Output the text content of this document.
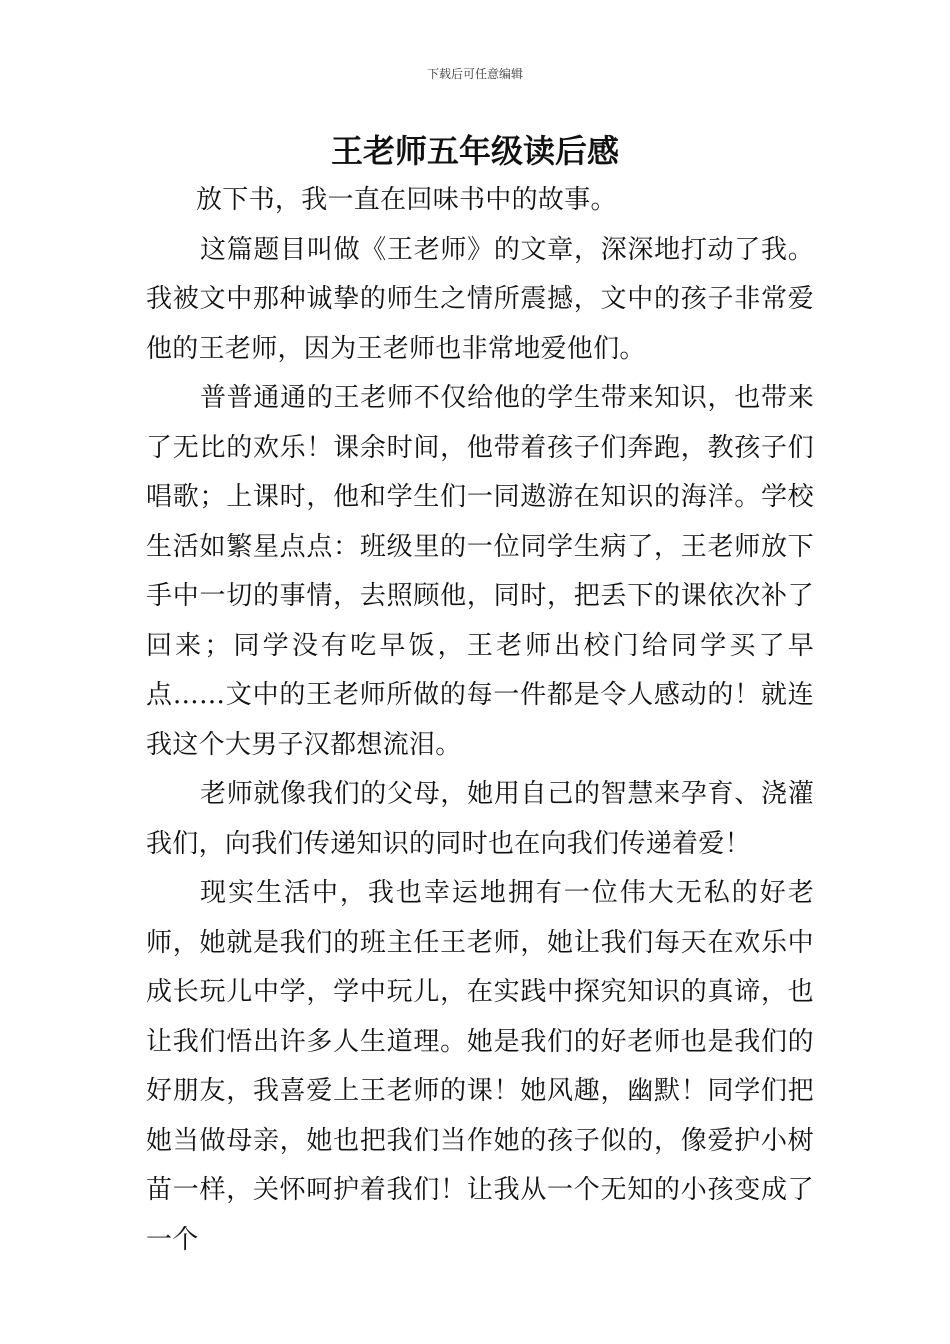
下载后可任意编辑
王老师五年级读后感

放下书，我一直在回味书中的故事。

这篇题目叫做《王老师》的文章，深深地打动了我。我被文中那种诚挚的师生之情所震撼，文中的孩子非常爱他的王老师，因为王老师也非常地爱他们。

普普通通的王老师不仅给他的学生带来知识，也带来了无比的欢乐！课余时间，他带着孩子们奔跑，教孩子们唱歌；上课时，他和学生们一同遨游在知识的海洋。学校生活如繁星点点：班级里的一位同学生病了，王老师放下手中一切的事情，去照顾他，同时，把丢下的课依次补了回来；同学没有吃早饭，王老师出校门给同学买了早点……文中的王老师所做的每一件都是令人感动的！就连我这个大男子汉都想流泪。

老师就像我们的父母，她用自己的智慧来孕育、浇灌我们，向我们传递知识的同时也在向我们传递着爱！

现实生活中，我也幸运地拥有一位伟大无私的好老师，她就是我们的班主任王老师，她让我们每天在欢乐中成长玩儿中学，学中玩儿，在实践中探究知识的真谛，也让我们悟出许多人生道理。她是我们的好老师也是我们的好朋友，我喜爱上王老师的课！她风趣，幽默！同学们把她当做母亲，她也把我们当作她的孩子似的，像爱护小树苗一样，关怀呵护着我们！让我从一个无知的小孩变成了一个
